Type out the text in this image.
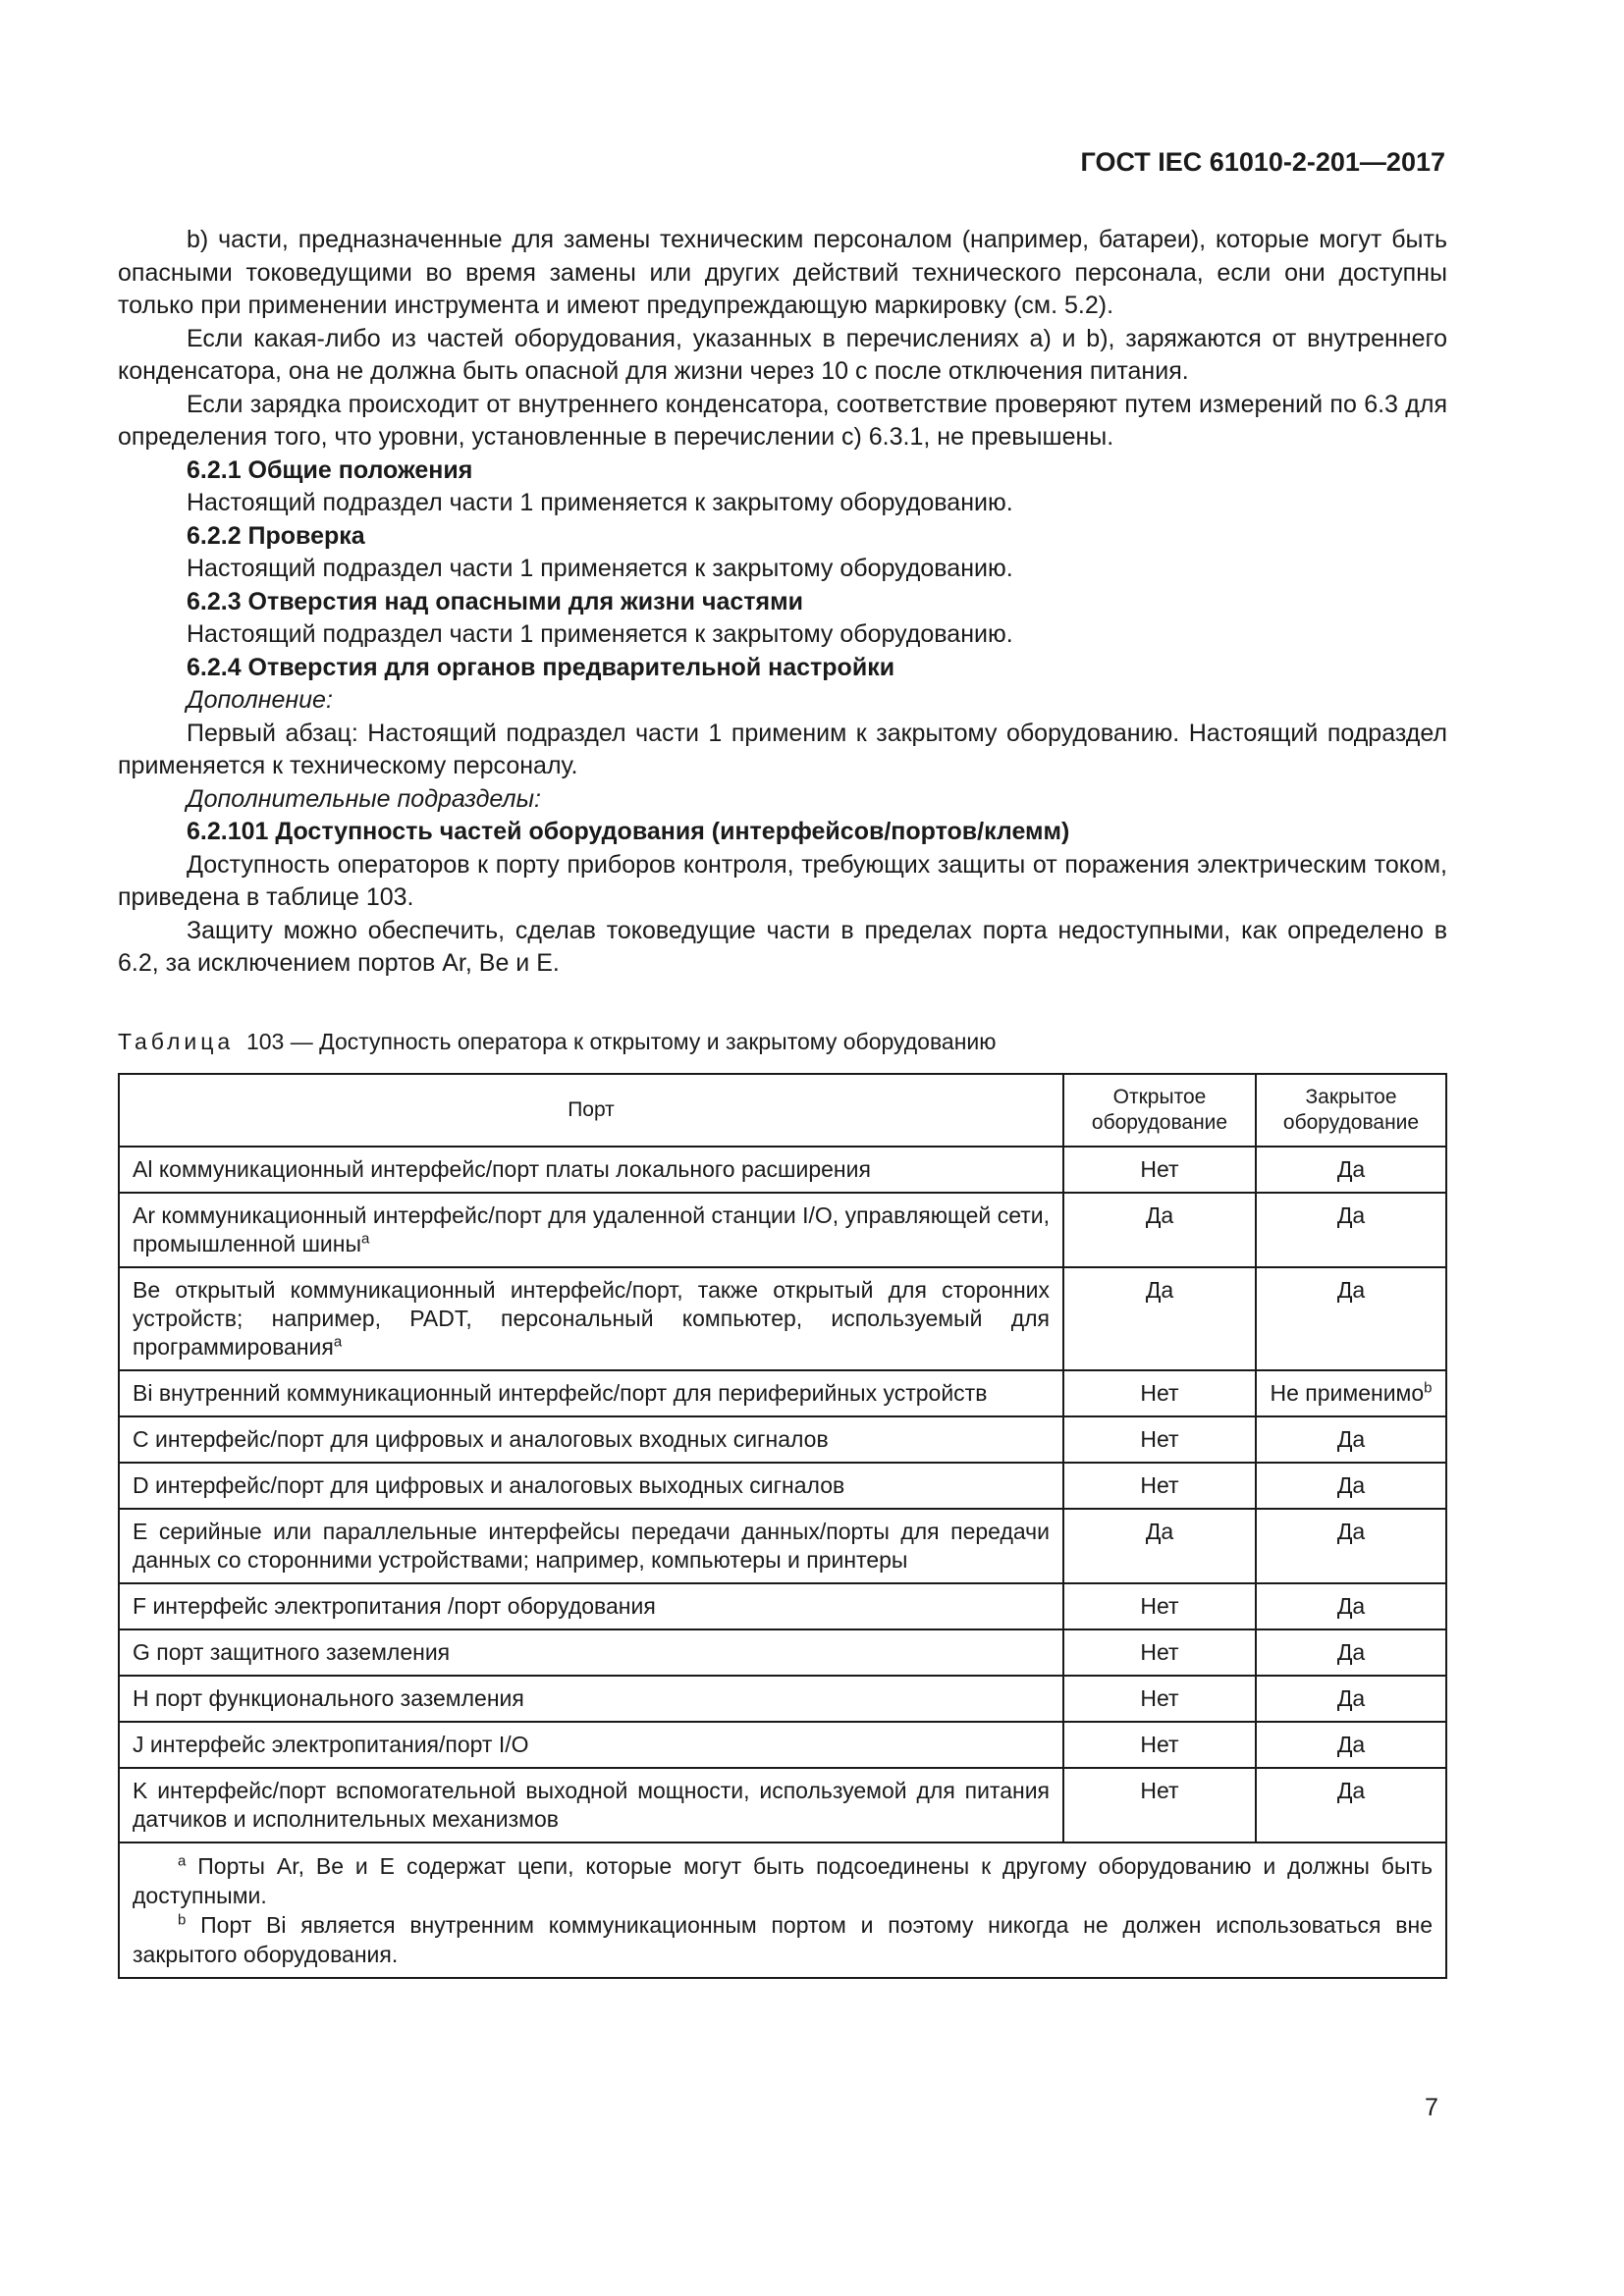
ГОСТ IEC 61010-2-201—2017

b) части, предназначенные для замены техническим персоналом (например, батареи), которые могут быть опасными токоведущими во время замены или других действий технического персонала, если они доступны только при применении инструмента и имеют предупреждающую маркировку (см. 5.2).

Если какая-либо из частей оборудования, указанных в перечислениях а) и b), заряжаются от внутреннего конденсатора, она не должна быть опасной для жизни через 10 с после отключения питания.

Если зарядка происходит от внутреннего конденсатора, соответствие проверяют путем измерений по 6.3 для определения того, что уровни, установленные в перечислении с) 6.3.1, не превышены.

6.2.1 Общие положения

Настоящий подраздел части 1 применяется к закрытому оборудованию.

6.2.2 Проверка

Настоящий подраздел части 1 применяется к закрытому оборудованию.

6.2.3 Отверстия над опасными для жизни частями

Настоящий подраздел части 1 применяется к закрытому оборудованию.

6.2.4 Отверстия для органов предварительной настройки

Дополнение:

Первый абзац: Настоящий подраздел части 1 применим к закрытому оборудованию. Настоящий подраздел применяется к техническому персоналу.

Дополнительные подразделы:

6.2.101 Доступность частей оборудования (интерфейсов/портов/клемм)

Доступность операторов к порту приборов контроля, требующих защиты от поражения электрическим током, приведена в таблице 103.

Защиту можно обеспечить, сделав токоведущие части в пределах порта недоступными, как определено в 6.2, за исключением портов Ar, Be и E.

Таблица 103 — Доступность оператора к открытому и закрытому оборудованию
Порт	Открытое оборудование	Закрытое оборудование
Al коммуникационный интерфейс/порт платы локального расширения	Нет	Да
Ar коммуникационный интерфейс/порт для удаленной станции I/O, управляющей сети, промышленной шины$^a$	Да	Да
Be открытый коммуникационный интерфейс/порт, также открытый для сторонних устройств; например, PADT, персональный компьютер, используемый для программирования$^a$	Да	Да
Bi внутренний коммуникационный интерфейс/порт для периферийных устройств	Нет	Не применимо$^b$
C интерфейс/порт для цифровых и аналоговых входных сигналов	Нет	Да
D интерфейс/порт для цифровых и аналоговых выходных сигналов	Нет	Да
E серийные или параллельные интерфейсы передачи данных/порты для передачи данных со сторонними устройствами; например, компьютеры и принтеры	Да	Да
F интерфейс электропитания /порт оборудования	Нет	Да
G порт защитного заземления	Нет	Да
H порт функционального заземления	Нет	Да
J интерфейс электропитания/порт I/O	Нет	Да
K интерфейс/порт вспомогательной выходной мощности, используемой для питания датчиков и исполнительных механизмов	Нет	Да

$^a$ Порты Ar, Be и E содержат цепи, которые могут быть подсоединены к другому оборудованию и должны быть доступными.

$^b$ Порт Bi является внутренним коммуникационным портом и поэтому никогда не должен использоваться вне закрытого оборудования.		

7
